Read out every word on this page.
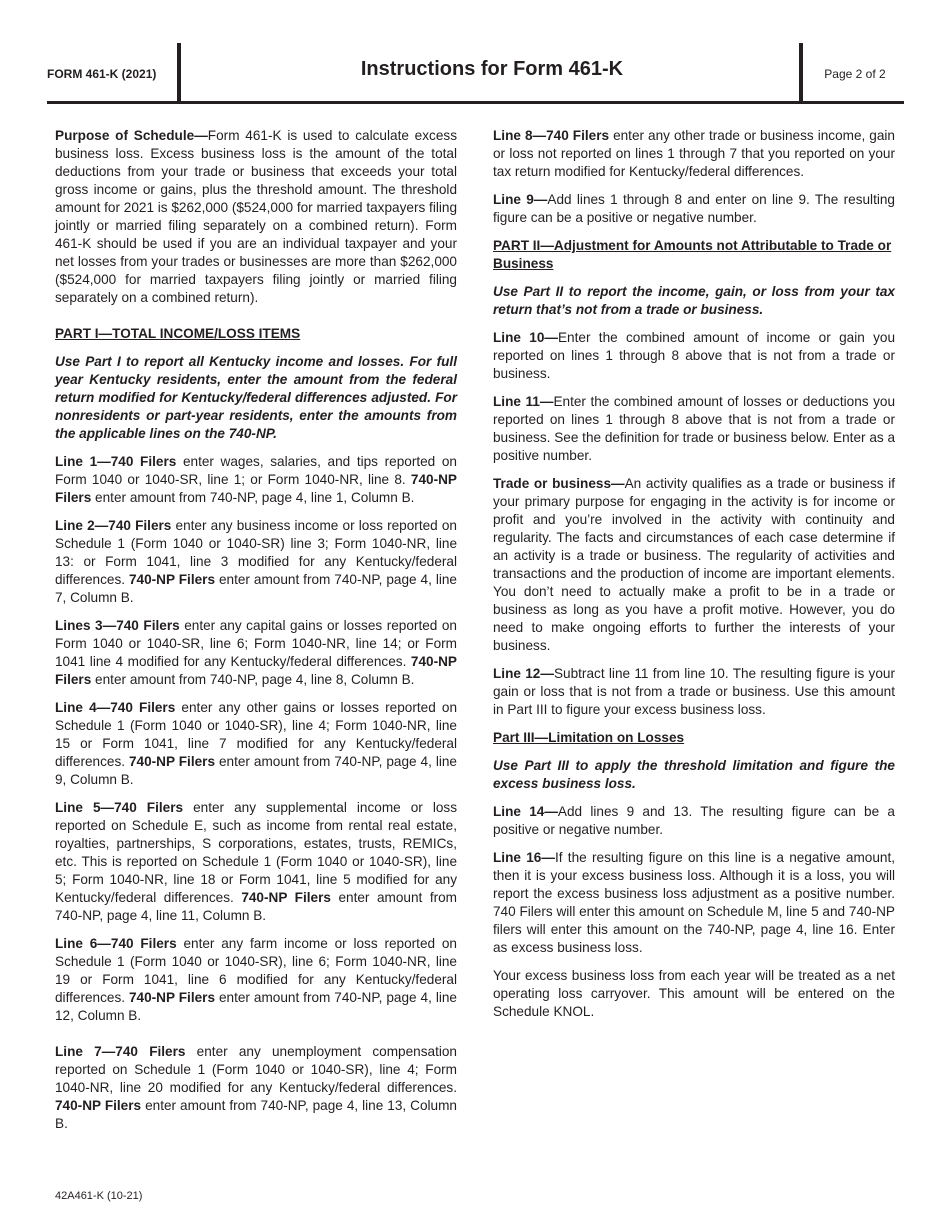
FORM 461-K (2021)	Instructions for Form 461-K	Page 2 of 2

Purpose of Schedule—Form 461-K is used to calculate excess business loss. Excess business loss is the amount of the total deductions from your trade or business that exceeds your total gross income or gains, plus the threshold amount. The threshold amount for 2021 is $262,000 ($524,000 for married taxpayers filing jointly or married filing separately on a combined return). Form 461-K should be used if you are an individual taxpayer and your net losses from your trades or businesses are more than $262,000 ($524,000 for married taxpayers filing jointly or married filing separately on a combined return).

PART I—TOTAL INCOME/LOSS ITEMS

Use Part I to report all Kentucky income and losses. For full year Kentucky residents, enter the amount from the federal return modified for Kentucky/federal differences adjusted. For nonresidents or part-year residents, enter the amounts from the applicable lines on the 740-NP.

Line 1—740 Filers enter wages, salaries, and tips reported on Form 1040 or 1040-SR, line 1; or Form 1040-NR, line 8. 740-NP Filers enter amount from 740-NP, page 4, line 1, Column B.

Line 2—740 Filers enter any business income or loss reported on Schedule 1 (Form 1040 or 1040-SR) line 3; Form 1040-NR, line 13: or Form 1041, line 3 modified for any Kentucky/federal differences. 740-NP Filers enter amount from 740-NP, page 4, line 7, Column B.

Lines 3—740 Filers enter any capital gains or losses reported on Form 1040 or 1040-SR, line 6; Form 1040-NR, line 14; or Form 1041 line 4 modified for any Kentucky/federal differences. 740-NP Filers enter amount from 740-NP, page 4, line 8, Column B.

Line 4—740 Filers enter any other gains or losses reported on Schedule 1 (Form 1040 or 1040-SR), line 4; Form 1040-NR, line 15 or Form 1041, line 7 modified for any Kentucky/federal differences. 740-NP Filers enter amount from 740-NP, page 4, line 9, Column B.

Line 5—740 Filers enter any supplemental income or loss reported on Schedule E, such as income from rental real estate, royalties, partnerships, S corporations, estates, trusts, REMICs, etc. This is reported on Schedule 1 (Form 1040 or 1040-SR), line 5; Form 1040-NR, line 18 or Form 1041, line 5 modified for any Kentucky/federal differences. 740-NP Filers enter amount from 740-NP, page 4, line 11, Column B.

Line 6—740 Filers enter any farm income or loss reported on Schedule 1 (Form 1040 or 1040-SR), line 6; Form 1040-NR, line 19 or Form 1041, line 6 modified for any Kentucky/federal differences. 740-NP Filers enter amount from 740-NP, page 4, line 12, Column B.

Line 7—740 Filers enter any unemployment compensation reported on Schedule 1 (Form 1040 or 1040-SR), line 4; Form 1040-NR, line 20 modified for any Kentucky/federal differences. 740-NP Filers enter amount from 740-NP, page 4, line 13, Column B.

Line 8—740 Filers enter any other trade or business income, gain or loss not reported on lines 1 through 7 that you reported on your tax return modified for Kentucky/federal differences.

Line 9—Add lines 1 through 8 and enter on line 9. The resulting figure can be a positive or negative number.

PART II—Adjustment for Amounts not Attributable to Trade or Business

Use Part II to report the income, gain, or loss from your tax return that’s not from a trade or business.

Line 10—Enter the combined amount of income or gain you reported on lines 1 through 8 above that is not from a trade or business.

Line 11—Enter the combined amount of losses or deductions you reported on lines 1 through 8 above that is not from a trade or business. See the definition for trade or business below. Enter as a positive number.

Trade or business—An activity qualifies as a trade or business if your primary purpose for engaging in the activity is for income or profit and you’re involved in the activity with continuity and regularity. The facts and circumstances of each case determine if an activity is a trade or business. The regularity of activities and transactions and the production of income are important elements. You don’t need to actually make a profit to be in a trade or business as long as you have a profit motive. However, you do need to make ongoing efforts to further the interests of your business.

Line 12—Subtract line 11 from line 10. The resulting figure is your gain or loss that is not from a trade or business. Use this amount in Part III to figure your excess business loss.

Part III—Limitation on Losses

Use Part III to apply the threshold limitation and figure the excess business loss.

Line 14—Add lines 9 and 13. The resulting figure can be a positive or negative number.

Line 16—If the resulting figure on this line is a negative amount, then it is your excess business loss. Although it is a loss, you will report the excess business loss adjustment as a positive number. 740 Filers will enter this amount on Schedule M, line 5 and 740-NP filers will enter this amount on the 740-NP, page 4, line 16. Enter as excess business loss.

Your excess business loss from each year will be treated as a net operating loss carryover. This amount will be entered on the Schedule KNOL.

42A461-K (10-21)
